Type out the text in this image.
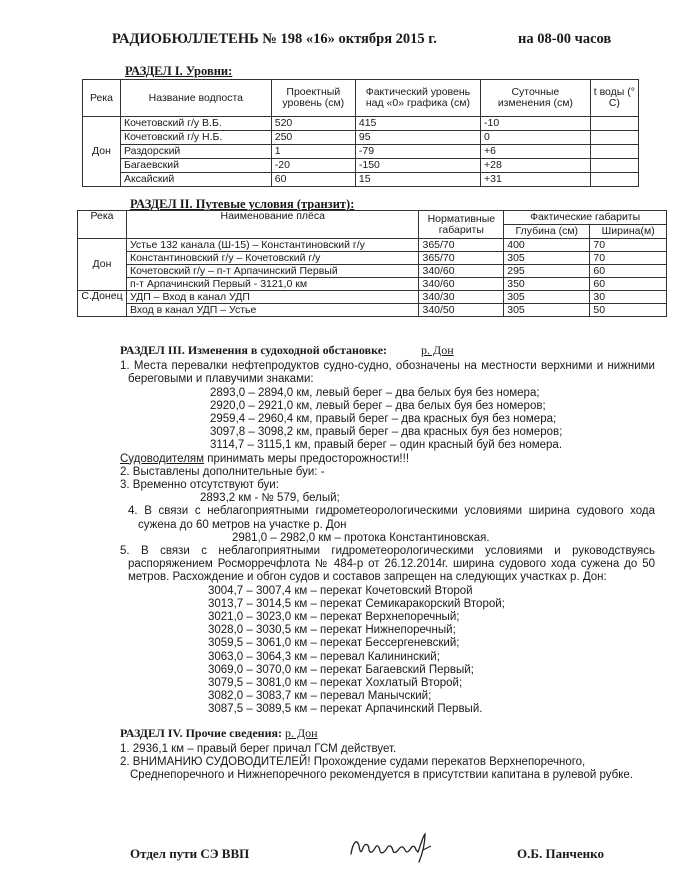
РАДИОБЮЛЛЕТЕНЬ № 198 «16» октября 2015 г.	на 08-00 часов
РАЗДЕЛ I. Уровни:
Река	Название водпоста	Проектный уровень (см)	Фактический уровень над «0» графика (см)	Суточные изменения (см)	t воды (° С)
Дон	Кочетовский г/у В.Б.	520	415	-10	
	Кочетовский г/у Н.Б.	250	95	0	
	Раздорский	1	-79	+6	
	Багаевский	-20	-150	+28	
	Аксайский	60	15	+31	
РАЗДЕЛ II. Путевые условия (транзит):
Река	Наименование плёса	Нормативные габариты	Фактические габариты	
			Глубина (см)	Ширина(м)
Дон	Устье 132 канала (Ш-15) – Константиновский г/у	365/70	400	70
	Константиновский г/у – Кочетовский г/у	365/70	305	70
	Кочетовский г/у – п-т Арпачинский Первый	340/60	295	60
	п-т Арпачинский Первый - 3121,0 км	340/60	350	60
С.Донец	УДП – Вход в канал УДП	340/30	305	30
	Вход в канал УДП – Устье	340/50	305	50

РАЗДЕЛ III. Изменения в судоходной обстановке:	р. Дон

1. Места перевалки нефтепродуктов судно-судно, обозначены на местности верхними и нижними береговыми и плавучими знаками:

2893,0 – 2894,0 км, левый берег – два белых буя без номера;

2920,0 – 2921,0 км, левый берег – два белых буя без номеров;

2959,4 – 2960,4 км, правый берег – два красных буя без номера;

3097,8 – 3098,2 км, правый берег – два красных буя без номеров;

3114,7 – 3115,1 км, правый берег – один красный буй без номера.

Судоводителям принимать меры предосторожности!!!

2. Выставлены дополнительные буи: -

3. Временно отсутствуют буи:

2893,2 км - № 579, белый;

4. В связи с неблагоприятными гидрометеорологическими условиями ширина судового хода сужена до 60 метров на участке р. Дон

2981,0 – 2982,0 км – протока Константиновская.

5. В связи с неблагоприятными гидрометеорологическими условиями и руководствуясь распоряжением Росморречфлота № 484-р от 26.12.2014г. ширина судового хода сужена до 50 метров. Расхождение и обгон судов и составов запрещен на следующих участках р. Дон:

3004,7 – 3007,4 км – перекат Кочетовский Второй

3013,7 – 3014,5 км – перекат Семикаракорский Второй;

3021,0 – 3023,0 км – перекат Верхнепоречный;

3028,0 – 3030,5 км – перекат Нижнепоречный;

3059,5 – 3061,0 км – перекат Бессергеневский;

3063,0 – 3064,3 км – перевал Калининский;

3069,0 – 3070,0 км – перекат Багаевский Первый;

3079,5 – 3081,0 км – перекат Хохлатый Второй;

3082,0 – 3083,7 км – перевал Манычский;

3087,5 – 3089,5 км – перекат Арпачинский Первый.

РАЗДЕЛ IV. Прочие сведения: р. Дон

1. 2936,1 км – правый берег причал ГСМ действует.

2. ВНИМАНИЮ СУДОВОДИТЕЛЕЙ! Прохождение судами перекатов Верхнепоречного, Среднепоречного и Нижнепоречного рекомендуется в присутствии капитана в рулевой рубке.

Отдел пути СЭ ВВП	О.Б. Панченко
